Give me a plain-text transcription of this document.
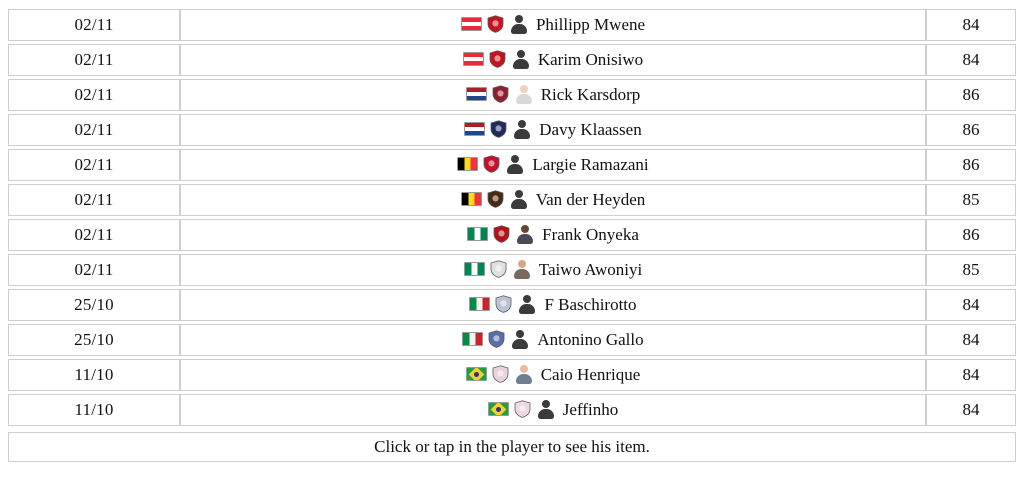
02/11	Phillipp Mwene	84
02/11	Karim Onisiwo	84
02/11	Rick Karsdorp	86
02/11	Davy Klaassen	86
02/11	Largie Ramazani	86
02/11	Van der Heyden	85
02/11	Frank Onyeka	86
02/11	Taiwo Awoniyi	85
25/10	F Baschirotto	84
25/10	Antonino Gallo	84
11/10	Caio Henrique	84
11/10	Jeffinho	84
Click or tap in the player to see his item.
